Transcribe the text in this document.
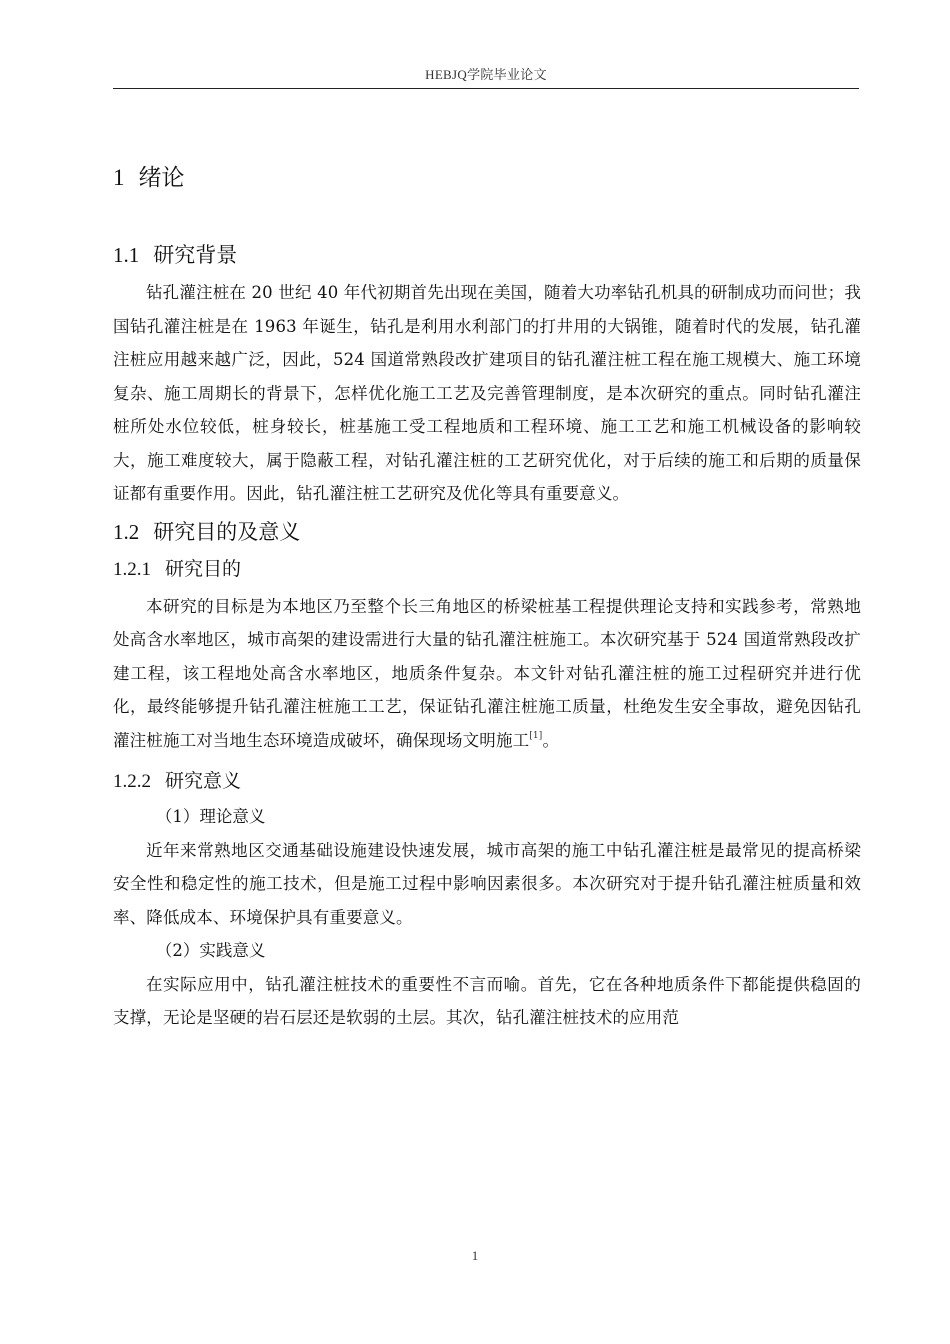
HEBJQ学院毕业论文
1 绪论
1.1 研究背景

钻孔灌注桩在 20 世纪 40 年代初期首先出现在美国，随着大功率钻孔机具的研制成功而问世；我国钻孔灌注桩是在 1963 年诞生，钻孔是利用水利部门的打井用的大锅锥，随着时代的发展，钻孔灌注桩应用越来越广泛，因此，524 国道常熟段改扩建项目的钻孔灌注桩工程在施工规模大、施工环境复杂、施工周期长的背景下，怎样优化施工工艺及完善管理制度，是本次研究的重点。同时钻孔灌注桩所处水位较低，桩身较长，桩基施工受工程地质和工程环境、施工工艺和施工机械设备的影响较大，施工难度较大，属于隐蔽工程，对钻孔灌注桩的工艺研究优化，对于后续的施工和后期的质量保证都有重要作用。因此，钻孔灌注桩工艺研究及优化等具有重要意义。

1.2 研究目的及意义
1.2.1 研究目的

本研究的目标是为本地区乃至整个长三角地区的桥梁桩基工程提供理论支持和实践参考，常熟地处高含水率地区，城市高架的建设需进行大量的钻孔灌注桩施工。本次研究基于 524 国道常熟段改扩建工程，该工程地处高含水率地区，地质条件复杂。本文针对钻孔灌注桩的施工过程研究并进行优化，最终能够提升钻孔灌注桩施工工艺，保证钻孔灌注桩施工质量，杜绝发生安全事故，避免因钻孔灌注桩施工对当地生态环境造成破坏，确保现场文明施工[1]。

1.2.2 研究意义

（1）理论意义

近年来常熟地区交通基础设施建设快速发展，城市高架的施工中钻孔灌注桩是最常见的提高桥梁安全性和稳定性的施工技术，但是施工过程中影响因素很多。本次研究对于提升钻孔灌注桩质量和效率、降低成本、环境保护具有重要意义。

（2）实践意义

在实际应用中，钻孔灌注桩技术的重要性不言而喻。首先，它在各种地质条件下都能提供稳固的支撑，无论是坚硬的岩石层还是软弱的土层。其次，钻孔灌注桩技术的应用范

1
